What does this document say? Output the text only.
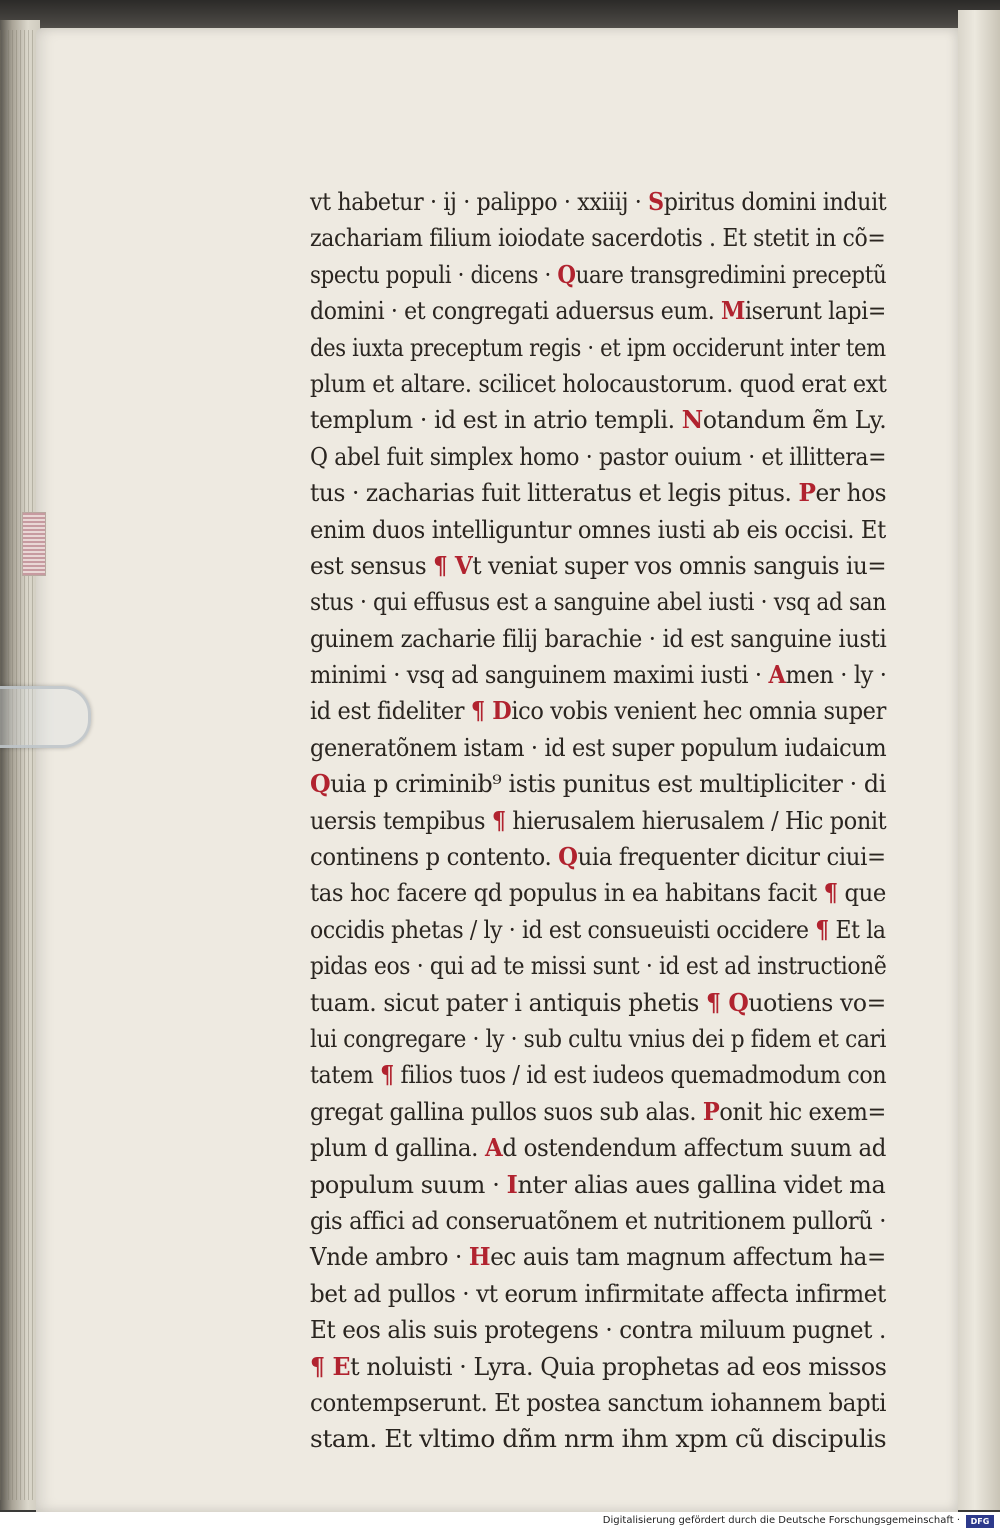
vt habetur · ij · palippo · xxiiij · Spiritus domini induit
zachariam filium ioiodate sacerdotis . Et stetit in cõ=
spectu populi · dicens · Quare transgredimini preceptũ
domini · et congregati aduersus eum. Miserunt lapi=
des iuxta preceptum regis · et ipm occiderunt inter tem
plum et altare. scilicet holocaustorum. quod erat ext
templum · id est in atrio templi. Notandum ẽm Ly.
Q abel fuit simplex homo · pastor ouium · et illittera=
tus · zacharias fuit litteratus et legis pitus. Per hos
enim duos intelliguntur omnes iusti ab eis occisi. Et
est sensus ¶ Vt veniat super vos omnis sanguis iu=
stus · qui effusus est a sanguine abel iusti · vsq ad san
guinem zacharie filij barachie · id est sanguine iusti
minimi · vsq ad sanguinem maximi iusti · Amen · ly ·
id est fideliter ¶ Dico vobis venient hec omnia super
generatõnem istam · id est super populum iudaicum
Quia p criminib⁹ istis punitus est multipliciter · di
uersis tempibus ¶ hierusalem hierusalem / Hic ponit
continens p contento. Quia frequenter dicitur ciui=
tas hoc facere qd populus in ea habitans facit ¶ que
occidis phetas / ly · id est consueuisti occidere ¶ Et la
pidas eos · qui ad te missi sunt · id est ad instructionẽ
tuam. sicut pater i antiquis phetis ¶ Quotiens vo=
lui congregare · ly · sub cultu vnius dei p fidem et cari
tatem ¶ filios tuos / id est iudeos quemadmodum con
gregat gallina pullos suos sub alas. Ponit hic exem=
plum d gallina. Ad ostendendum affectum suum ad
populum suum · Inter alias aues gallina videt ma
gis affici ad conseruatõnem et nutritionem pullorũ ·
Vnde ambro · Hec auis tam magnum affectum ha=
bet ad pullos · vt eorum infirmitate affecta infirmet
Et eos alis suis protegens · contra miluum pugnet .
¶ Et noluisti · Lyra. Quia prophetas ad eos missos
contempserunt. Et postea sanctum iohannem bapti
stam. Et vltimo dñm nrm ihm xpm cũ discipulis
Digitalisierung gefördert durch die Deutsche Forschungsgemeinschaft ·	DFG
